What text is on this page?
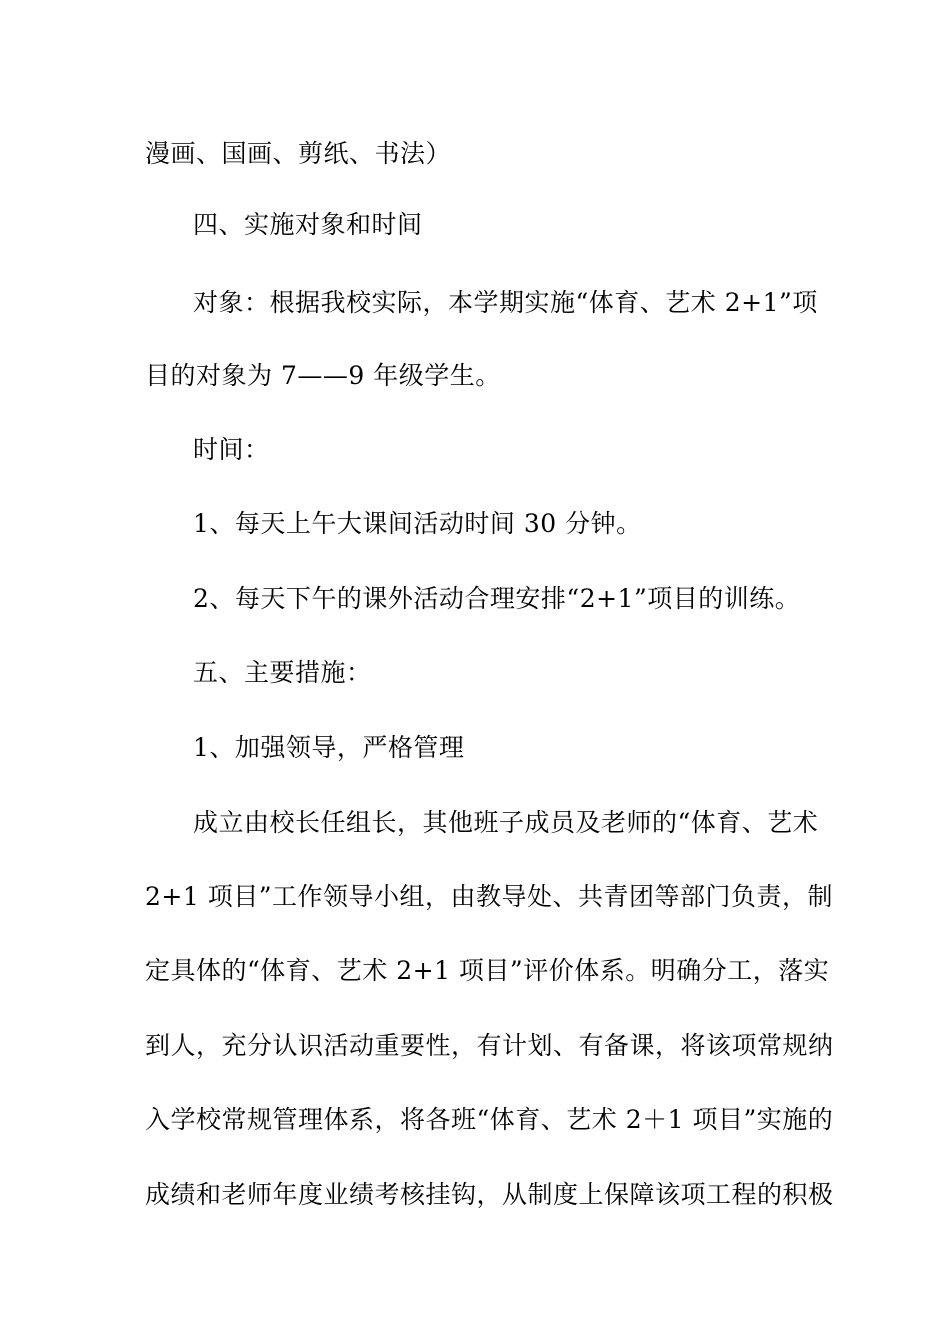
漫画、国画、剪纸、书法）
四、实施对象和时间
对象：根据我校实际，本学期实施“体育、艺术 2+1”项
目的对象为 7——9 年级学生。
时间：
1、每天上午大课间活动时间 30 分钟。
2、每天下午的课外活动合理安排“2+1”项目的训练。
五、主要措施：
1、加强领导，严格管理
成立由校长任组长，其他班子成员及老师的“体育、艺术
2+1 项目”工作领导小组，由教导处、共青团等部门负责，制
定具体的“体育、艺术 2+1 项目”评价体系。明确分工，落实
到人，充分认识活动重要性，有计划、有备课，将该项常规纳
入学校常规管理体系，将各班“体育、艺术 2＋1 项目”实施的
成绩和老师年度业绩考核挂钩，从制度上保障该项工程的积极
